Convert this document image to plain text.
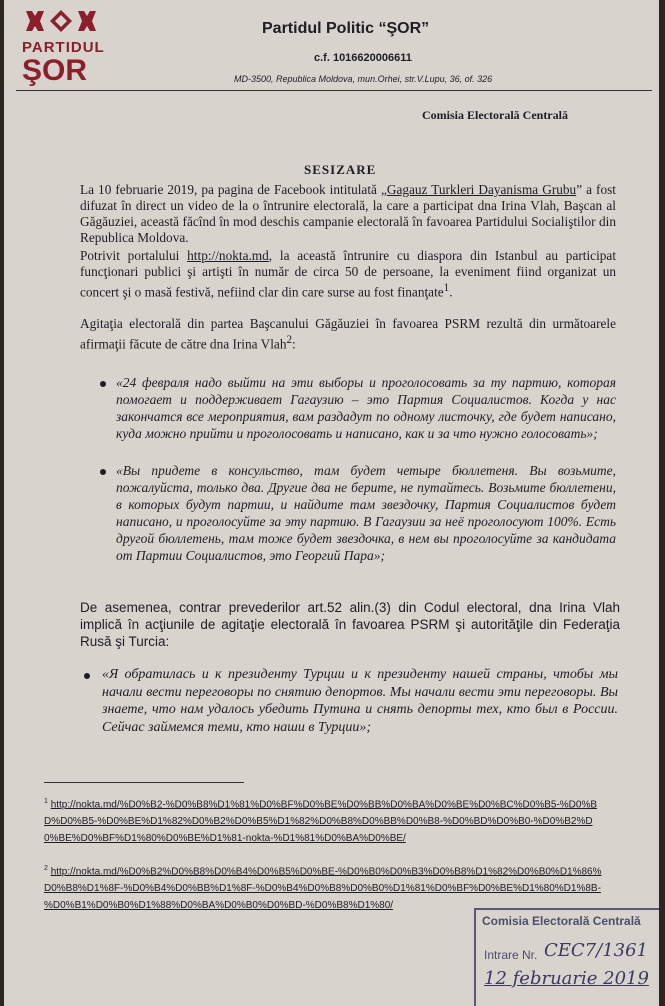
PARTIDUL
ŞOR
Partidul Politic “ŞOR”
c.f. 1016620006611
MD-3500, Republica Moldova, mun.Orhei, str.V.Lupu, 36, of. 326
Comisia Electorală Centrală
SESIZARE
La 10 februarie 2019, pa pagina de Facebook intitulată „Gagauz Turkleri Dayanisma Grubu” a fost difuzat în direct un video de la o întrunire electorală, la care a participat dna Irina Vlah, Başcan al Găgăuziei, această făcînd în mod deschis campanie electorală în favoarea Partidului Socialiştilor din Republica Moldova.
Potrivit portalului http://nokta.md, la această întrunire cu diaspora din Istanbul au participat funcţionari publici şi artişti în număr de circa 50 de persoane, la eveniment fiind organizat un concert şi o masă festivă, nefiind clar din care surse au fost finanţate$^1$.
Agitaţia electorală din partea Başcanului Găgăuziei în favoarea PSRM rezultă din următoarele afirmaţii făcute de către dna Irina Vlah$^2$:
«24 февраля надо выйти на эти выборы и проголосовать за ту партию, которая помогает и поддерживает Гагаузию – это Партия Социалистов. Когда у нас закончатся все мероприятия, вам раздадут по одному листочку, где будет написано, куда можно прийти и проголосовать и написано, как и за что нужно голосовать»;
«Вы придете в консульство, там будет четыре бюллетеня. Вы возьмите, пожалуйста, только два. Другие два не берите, не путайтесь. Возьмите бюллетени, в которых будут партии, и найдите там звездочку, Партия Социалистов будет написано, и проголосуйте за эту партию. В Гагаузии за неё проголосуют 100%. Есть другой бюллетень, там тоже будет звездочка, в нем вы проголосуйте за кандидата от Партии Социалистов, это Георгий Пара»;
De asemenea, contrar prevederilor art.52 alin.(3) din Codul electoral, dna Irina Vlah implică în acţiunile de agitaţie electorală în favoarea PSRM şi autorităţile din Federaţia Rusă şi Turcia:
«Я обратилась и к президенту Турции и к президенту нашей страны, чтобы мы начали вести переговоры по снятию депортов. Мы начали вести эти переговоры. Вы знаете, что нам удалось убедить Путина и снять депорты тех, кто был в России. Сейчас займемся теми, кто наши в Турции»;
$^1$ http://nokta.md/%D0%B2-%D0%B8%D1%81%D0%BF%D0%BE%D0%BB%D0%BA%D0%BE%D0%BC%D0%B5-%D0%BD%D0%B5-%D0%BE%D1%82%D0%B2%D0%B5%D1%82%D0%B8%D0%BB%D0%B8-%D0%BD%D0%B0-%D0%B2%D0%BE%D0%BF%D1%80%D0%BE%D1%81-nokta-%D1%81%D0%BA%D0%BE/
$^2$ http://nokta.md/%D0%B2%D0%B8%D0%B4%D0%B5%D0%BE-%D0%B0%D0%B3%D0%B8%D1%82%D0%B0%D1%86%D0%B8%D1%8F-%D0%B4%D0%BB%D1%8F-%D0%B4%D0%B8%D0%B0%D1%81%D0%BF%D0%BE%D1%80%D1%8B-%D0%B1%D0%B0%D1%88%D0%BA%D0%B0%D0%BD-%D0%B8%D1%80/
Comisia Electorală Centrală
Intrare Nr. CEC7/1361
12 februarie 2019
